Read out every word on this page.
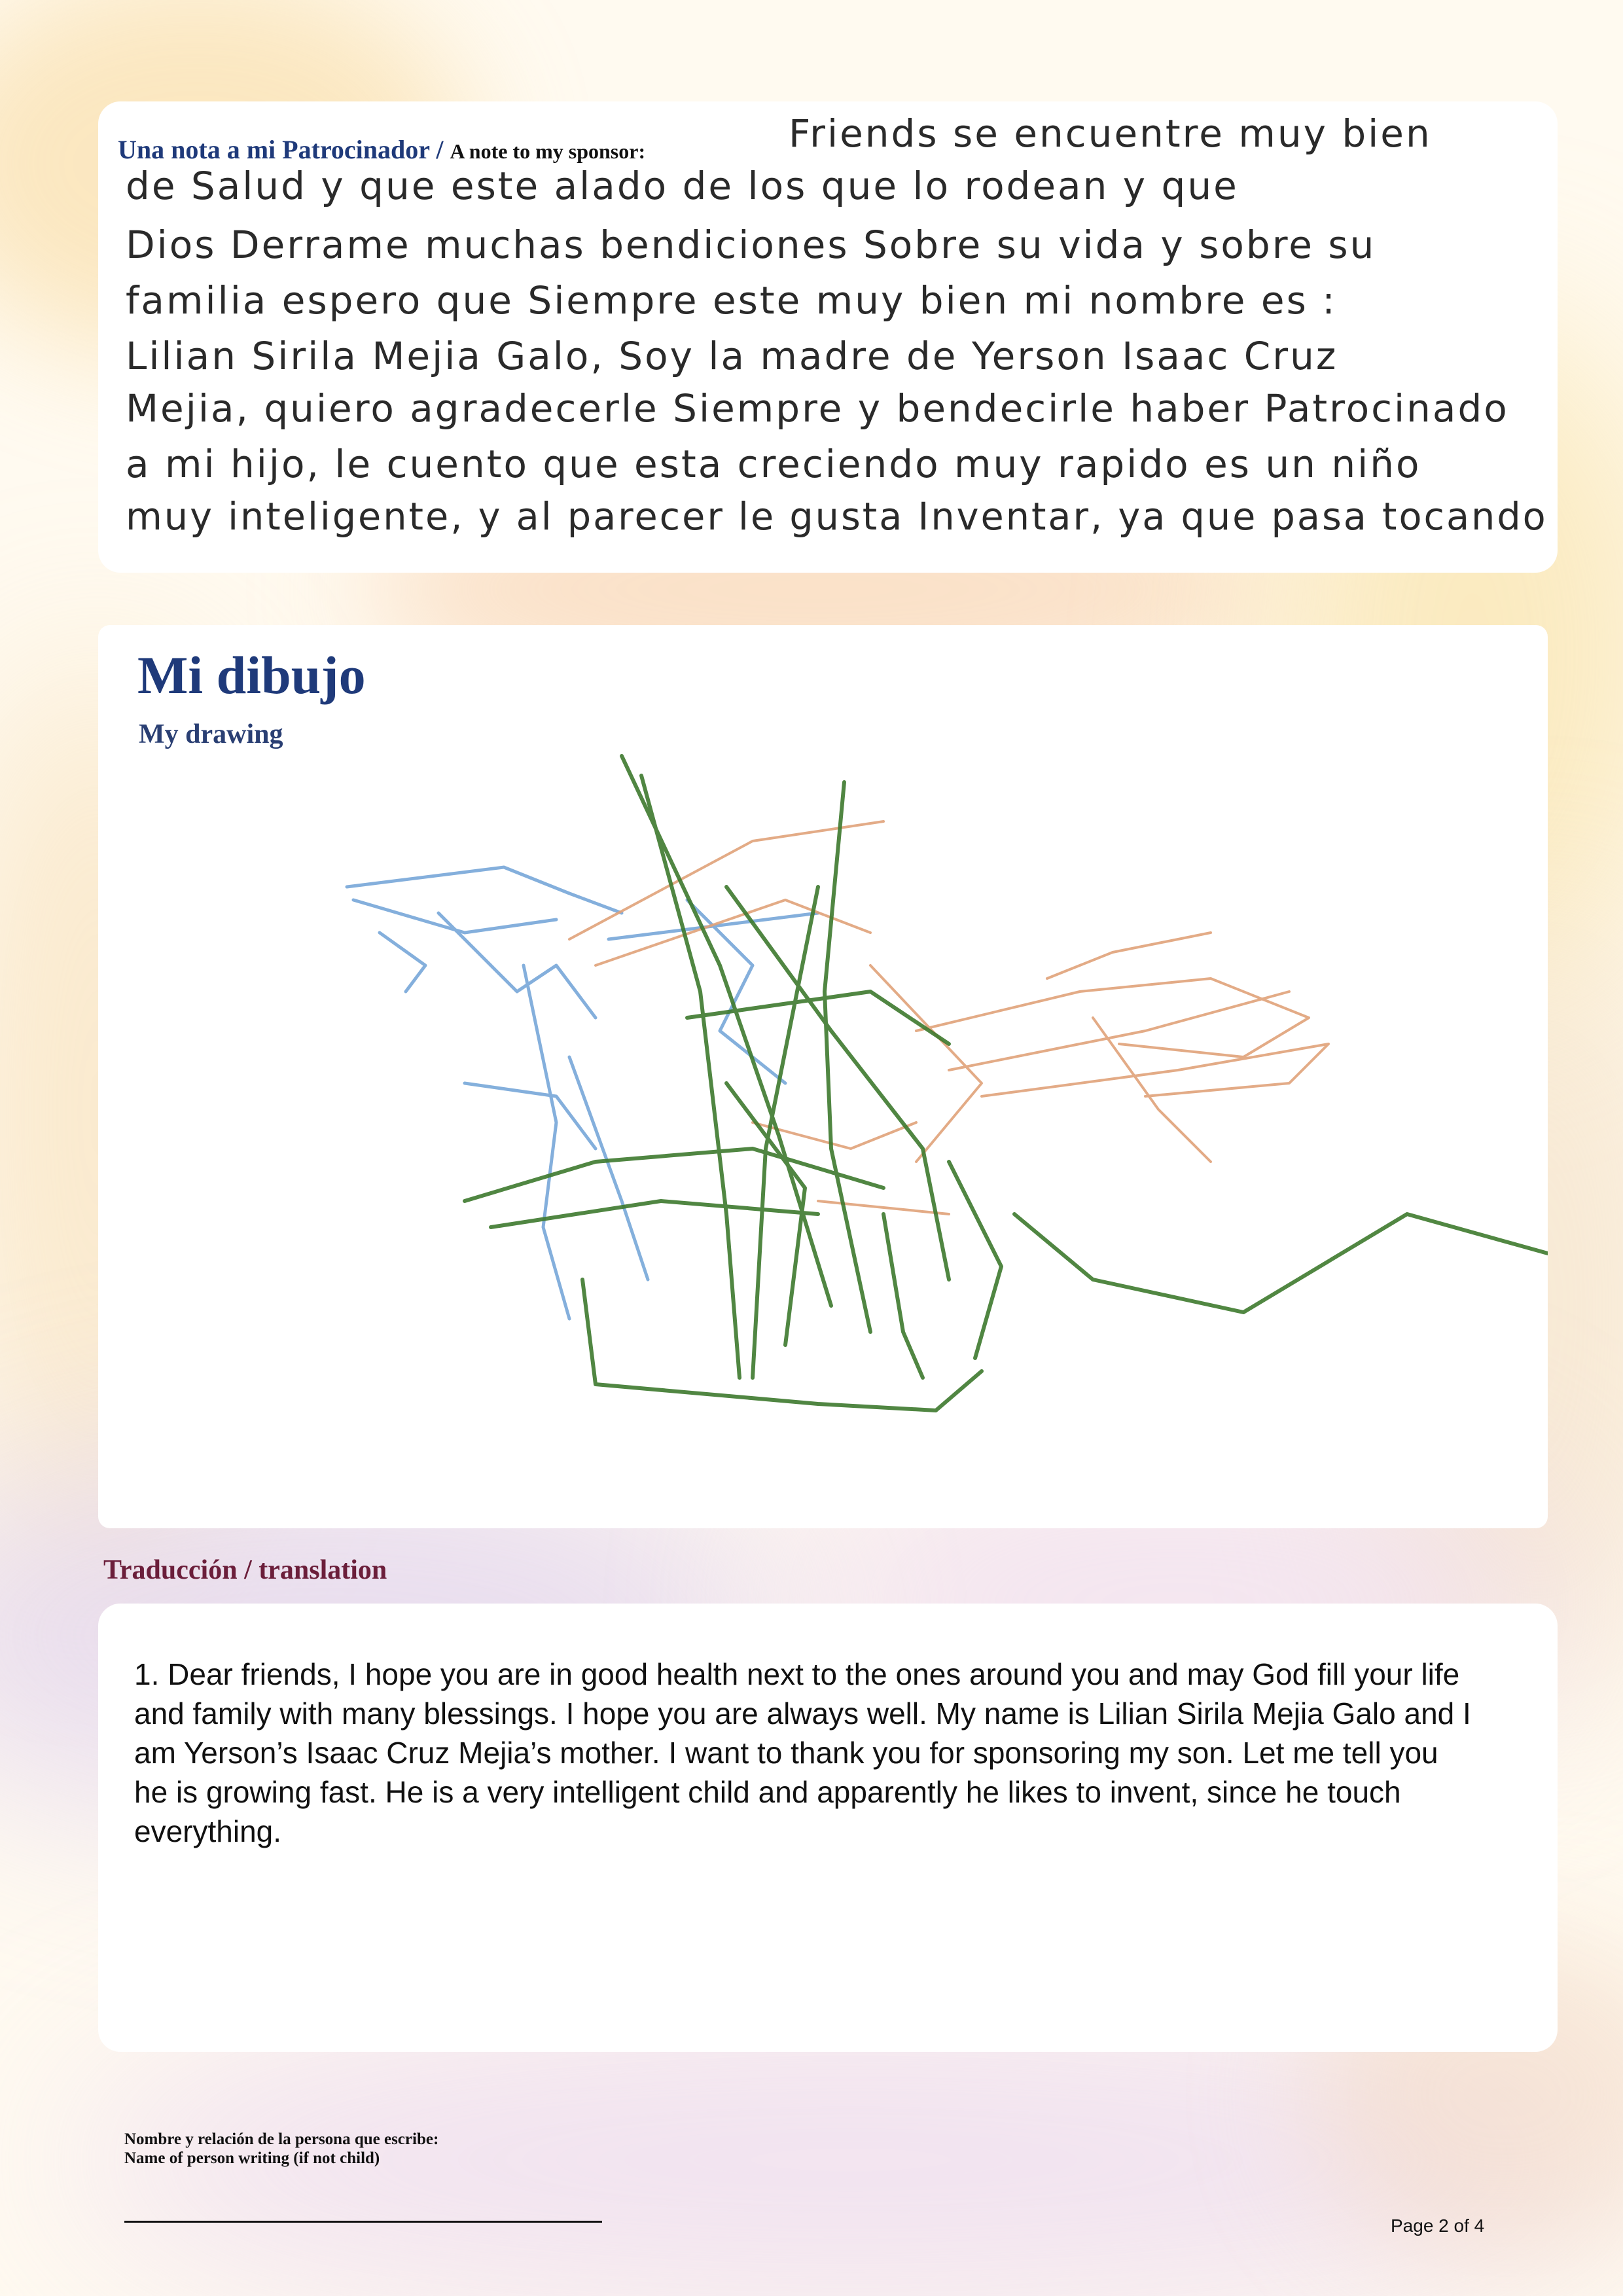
Una nota a mi Patrocinador / A note to my sponsor:	Friends se encuentre muy bien
de Salud y que este alado de los que lo rodean y que
Dios Derrame muchas bendiciones Sobre su vida y sobre su
familia espero que Siempre este muy bien mi nombre es :
Lilian Sirila Mejia Galo, Soy la madre de Yerson Isaac Cruz
Mejia, quiero agradecerle Siempre y bendecirle haber Patrocinado
a mi hijo, le cuento que esta creciendo muy rapido es un niño
muy inteligente, y al parecer le gusta Inventar, ya que pasa tocando
Mi dibujo
My drawing
Traducción / translation
1. Dear friends, I hope you are in good health next to the ones around you and may God fill your life and family with many blessings. I hope you are always well. My name is Lilian Sirila Mejia Galo and I am Yerson’s Isaac Cruz Mejia’s mother. I want to thank you for sponsoring my son. Let me tell you he is growing fast. He is a very intelligent child and apparently he likes to invent, since he touch everything.
Nombre y relación de la persona que escribe:
Name of person writing (if not child)
Page 2 of 4
